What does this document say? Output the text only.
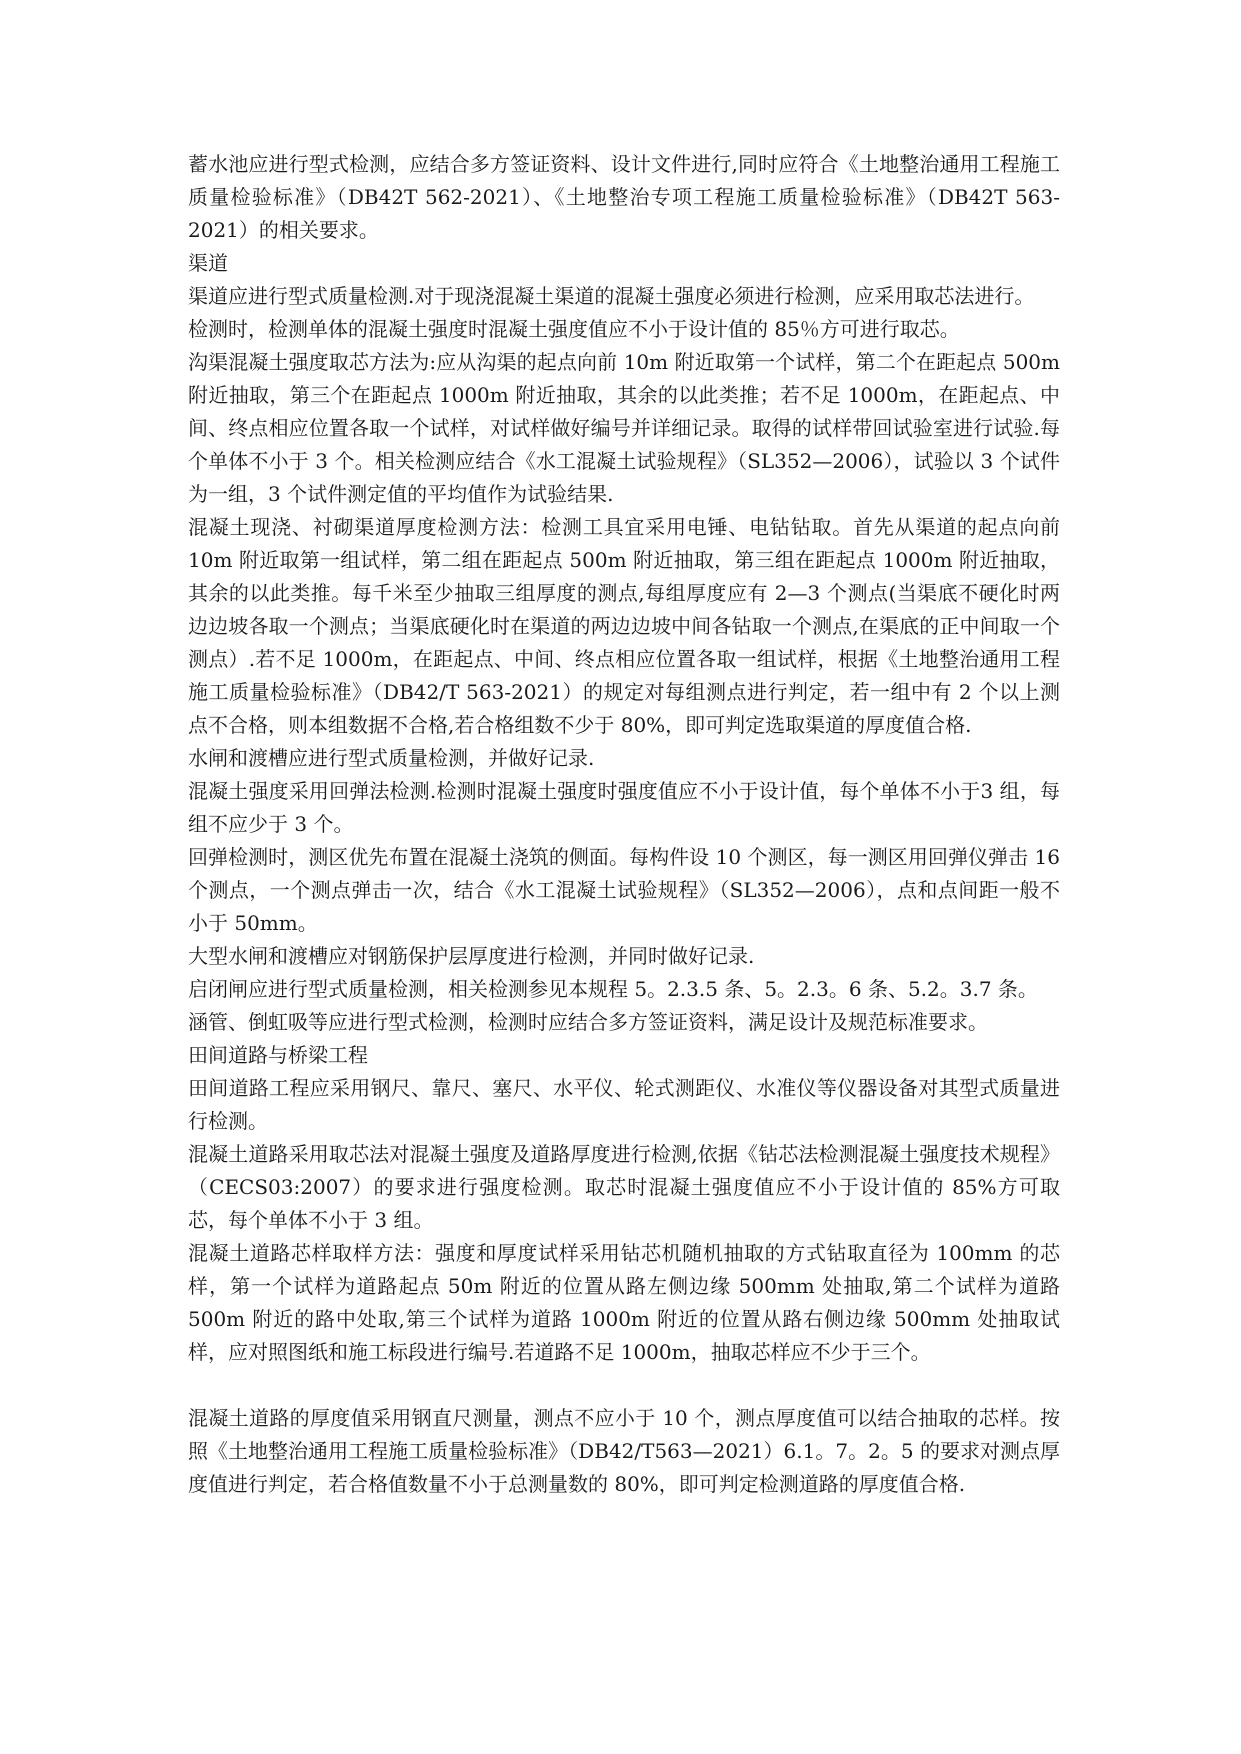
蓄水池应进行型式检测，应结合多方签证资料、设计文件进行,同时应符合《土地整治通用工程施工质量检验标准》（DB42T 562-2021）、《土地整治专项工程施工质量检验标准》（DB42T 563-2021）的相关要求。

渠道

渠道应进行型式质量检测.对于现浇混凝土渠道的混凝土强度必须进行检测，应采用取芯法进行。

检测时，检测单体的混凝土强度时混凝土强度值应不小于设计值的 85％方可进行取芯。

沟渠混凝土强度取芯方法为:应从沟渠的起点向前 10m 附近取第一个试样，第二个在距起点 500m 附近抽取，第三个在距起点 1000m 附近抽取，其余的以此类推；若不足 1000m，在距起点、中间、终点相应位置各取一个试样，对试样做好编号并详细记录。取得的试样带回试验室进行试验.每个单体不小于 3 个。相关检测应结合《水工混凝土试验规程》（SL352—2006），试验以 3 个试件为一组，3 个试件测定值的平均值作为试验结果.

混凝土现浇、衬砌渠道厚度检测方法：检测工具宜采用电锤、电钻钻取。首先从渠道的起点向前 10m 附近取第一组试样，第二组在距起点 500m 附近抽取，第三组在距起点 1000m 附近抽取，其余的以此类推。每千米至少抽取三组厚度的测点,每组厚度应有 2—3 个测点(当渠底不硬化时两边边坡各取一个测点；当渠底硬化时在渠道的两边边坡中间各钻取一个测点,在渠底的正中间取一个测点）.若不足 1000m，在距起点、中间、终点相应位置各取一组试样，根据《土地整治通用工程施工质量检验标准》（DB42/T 563-2021）的规定对每组测点进行判定，若一组中有 2 个以上测点不合格，则本组数据不合格,若合格组数不少于 80%，即可判定选取渠道的厚度值合格.

水闸和渡槽应进行型式质量检测，并做好记录.

混凝土强度采用回弹法检测.检测时混凝土强度时强度值应不小于设计值，每个单体不小于3 组，每组不应少于 3 个。

回弹检测时，测区优先布置在混凝土浇筑的侧面。每构件设 10 个测区，每一测区用回弹仪弹击 16 个测点，一个测点弹击一次，结合《水工混凝土试验规程》（SL352—2006），点和点间距一般不小于 50mm。

大型水闸和渡槽应对钢筋保护层厚度进行检测，并同时做好记录.

启闭闸应进行型式质量检测，相关检测参见本规程 5。2.3.5 条、5。2.3。6 条、5.2。3.7 条。

涵管、倒虹吸等应进行型式检测，检测时应结合多方签证资料，满足设计及规范标准要求。

田间道路与桥梁工程

田间道路工程应采用钢尺、靠尺、塞尺、水平仪、轮式测距仪、水准仪等仪器设备对其型式质量进行检测。

混凝土道路采用取芯法对混凝土强度及道路厚度进行检测,依据《钻芯法检测混凝土强度技术规程》（CECS03:2007）的要求进行强度检测。取芯时混凝土强度值应不小于设计值的 85%方可取芯，每个单体不小于 3 组。

混凝土道路芯样取样方法：强度和厚度试样采用钻芯机随机抽取的方式钻取直径为 100mm 的芯样，第一个试样为道路起点 50m 附近的位置从路左侧边缘 500mm 处抽取,第二个试样为道路 500m 附近的路中处取,第三个试样为道路 1000m 附近的位置从路右侧边缘 500mm 处抽取试样，应对照图纸和施工标段进行编号.若道路不足 1000m，抽取芯样应不少于三个。

混凝土道路的厚度值采用钢直尺测量，测点不应小于 10 个，测点厚度值可以结合抽取的芯样。按照《土地整治通用工程施工质量检验标准》（DB42/T563—2021）6.1。7。2。5 的要求对测点厚度值进行判定，若合格值数量不小于总测量数的 80%，即可判定检测道路的厚度值合格.
